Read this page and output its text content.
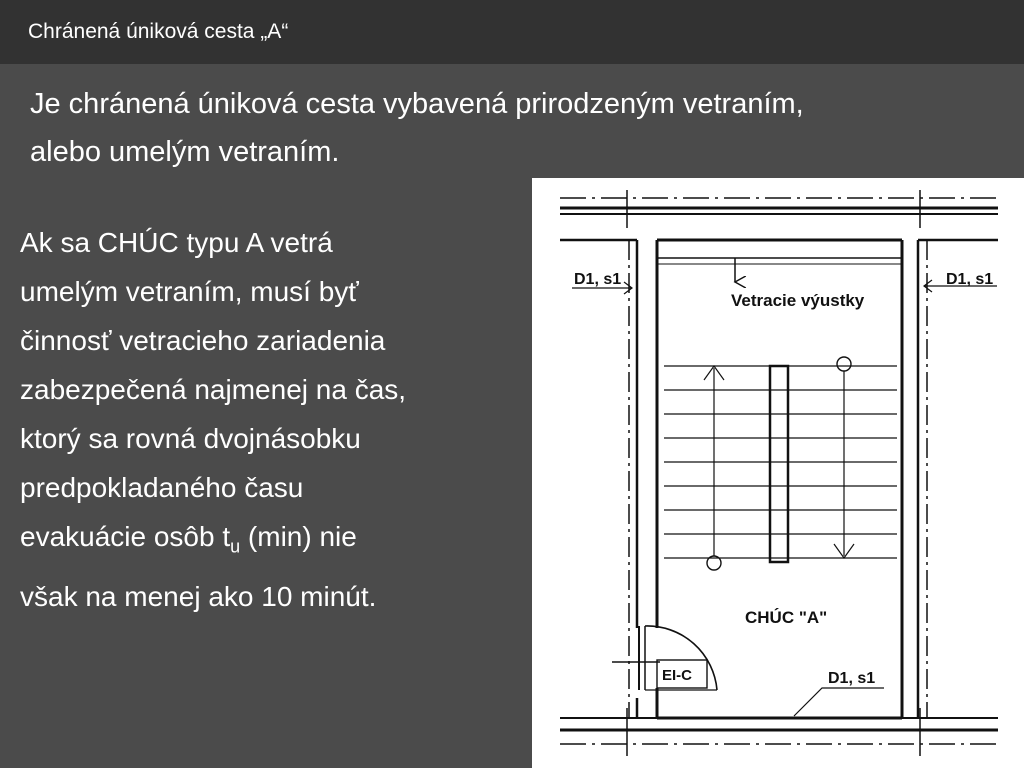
Chránená úniková cesta „A“
Je chránená úniková cesta vybavená prirodzeným vetraním,
alebo umelým vetraním.
Ak sa CHÚC typu A vetrá
umelým vetraním, musí byť
činnosť vetracieho zariadenia
zabezpečená najmenej na čas,
ktorý sa rovná dvojnásobku
predpokladaného času
evakuácie osôb $t_u$ (min) nie
však na menej ako 10 minút.
D1, s1	D1, s1
Vetracie výustky
CHÚC "A"
EI-C	D1, s1
